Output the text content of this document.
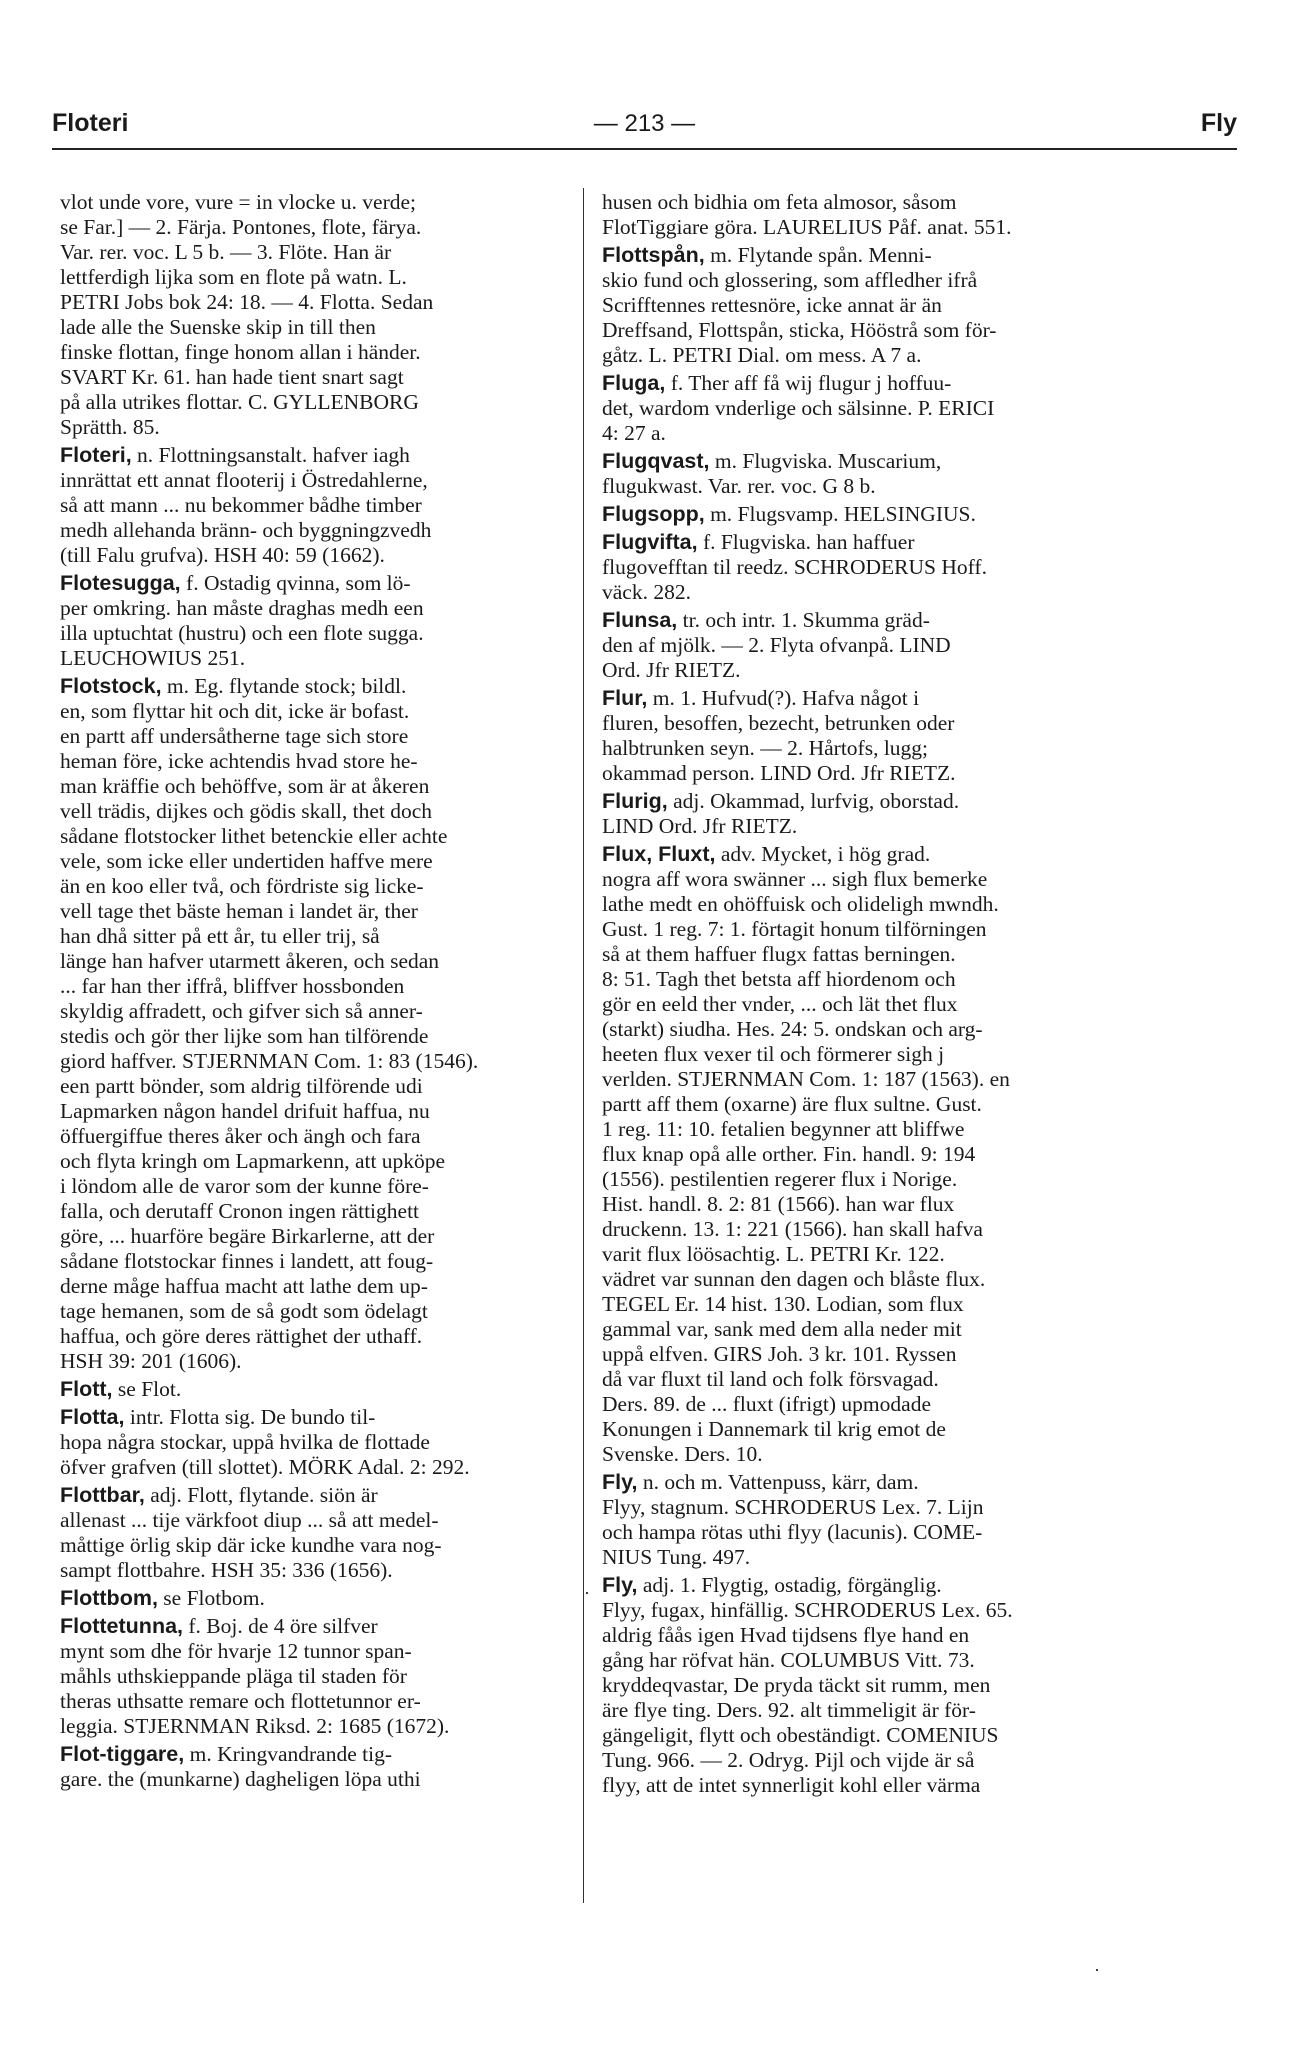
Floteri	— 213 —	Fly
vlot unde vore, vure = in vlocke u. verde;
se Far.] — 2. Färja. Pontones, flote, färya.
Var. rer. voc. L 5 b. — 3. Flöte. Han är
lettferdigh lijka som en flote på watn. L.
PETRI Jobs bok 24: 18. — 4. Flotta. Sedan
lade alle the Suenske skip in till then
finske flottan, finge honom allan i händer.
SVART Kr. 61. han hade tient snart sagt
på alla utrikes flottar. C. GYLLENBORG
Sprätth. 85.
Floteri, n. Flottningsanstalt. hafver iagh
innrättat ett annat flooterij i Östredahlerne,
så att mann ... nu bekommer bådhe timber
medh allehanda bränn- och byggningzvedh
(till Falu grufva). HSH 40: 59 (1662).
Flotesugga, f. Ostadig qvinna, som lö-
per omkring. han måste draghas medh een
illa uptuchtat (hustru) och een flote sugga.
LEUCHOWIUS 251.
Flotstock, m. Eg. flytande stock; bildl.
en, som flyttar hit och dit, icke är bofast.
en partt aff undersåtherne tage sich store
heman före, icke achtendis hvad store he-
man kräffie och behöffve, som är at åkeren
vell trädis, dijkes och gödis skall, thet doch
sådane flotstocker lithet betenckie eller achte
vele, som icke eller undertiden haffve mere
än en koo eller två, och fördriste sig licke-
vell tage thet bäste heman i landet är, ther
han dhå sitter på ett år, tu eller trij, så
länge han hafver utarmett åkeren, och sedan
... far han ther iffrå, bliffver hossbonden
skyldig affradett, och gifver sich så anner-
stedis och gör ther lijke som han tilförende
giord haffver. STJERNMAN Com. 1: 83 (1546).
een partt bönder, som aldrig tilförende udi
Lapmarken någon handel drifuit haffua, nu
öffuergiffue theres åker och ängh och fara
och flyta kringh om Lapmarkenn, att upköpe
i löndom alle de varor som der kunne före-
falla, och derutaff Cronon ingen rättighett
göre, ... huarföre begäre Birkarlerne, att der
sådane flotstockar finnes i landett, att foug-
derne måge haffua macht att lathe dem up-
tage hemanen, som de så godt som ödelagt
haffua, och göre deres rättighet der uthaff.
HSH 39: 201 (1606).
Flott, se Flot.
Flotta, intr. Flotta sig. De bundo til-
hopa några stockar, uppå hvilka de flottade
öfver grafven (till slottet). MÖRK Adal. 2: 292.
Flottbar, adj. Flott, flytande. siön är
allenast ... tije värkfoot diup ... så att medel-
måttige örlig skip där icke kundhe vara nog-
sampt flottbahre. HSH 35: 336 (1656).
Flottbom, se Flotbom.
Flottetunna, f. Boj. de 4 öre silfver
mynt som dhe för hvarje 12 tunnor span-
måhls uthskieppande pläga til staden för
theras uthsatte remare och flottetunnor er-
leggia. STJERNMAN Riksd. 2: 1685 (1672).
Flot-tiggare, m. Kringvandrande tig-
gare. the (munkarne) dagheligen löpa uthi
husen och bidhia om feta almosor, såsom
FlotTiggiare göra. LAURELIUS Påf. anat. 551.
Flottspån, m. Flytande spån. Menni-
skio fund och glossering, som affledher ifrå
Scrifftennes rettesnöre, icke annat är än
Dreffsand, Flottspån, sticka, Hööstrå som för-
gåtz. L. PETRI Dial. om mess. A 7 a.
Fluga, f. Ther aff få wij flugur j hoffuu-
det, wardom vnderlige och sälsinne. P. ERICI
4: 27 a.
Flugqvast, m. Flugviska. Muscarium,
flugukwast. Var. rer. voc. G 8 b.
Flugsopp, m. Flugsvamp. HELSINGIUS.
Flugvifta, f. Flugviska. han haffuer
flugovefftan til reedz. SCHRODERUS Hoff.
väck. 282.
Flunsa, tr. och intr. 1. Skumma gräd-
den af mjölk. — 2. Flyta ofvanpå. LIND
Ord. Jfr RIETZ.
Flur, m. 1. Hufvud(?). Hafva något i
fluren, besoffen, bezecht, betrunken oder
halbtrunken seyn. — 2. Hårtofs, lugg;
okammad person. LIND Ord. Jfr RIETZ.
Flurig, adj. Okammad, lurfvig, oborstad.
LIND Ord. Jfr RIETZ.
Flux, Fluxt, adv. Mycket, i hög grad.
nogra aff wora swänner ... sigh flux bemerke
lathe medt en ohöffuisk och olideligh mwndh.
Gust. 1 reg. 7: 1. förtagit honum tilförningen
så at them haffuer flugx fattas berningen.
8: 51. Tagh thet betsta aff hiordenom och
gör en eeld ther vnder, ... och lät thet flux
(starkt) siudha. Hes. 24: 5. ondskan och arg-
heeten flux vexer til och förmerer sigh j
verlden. STJERNMAN Com. 1: 187 (1563). en
partt aff them (oxarne) äre flux sultne. Gust.
1 reg. 11: 10. fetalien begynner att bliffwe
flux knap opå alle orther. Fin. handl. 9: 194
(1556). pestilentien regerer flux i Norige.
Hist. handl. 8. 2: 81 (1566). han war flux
druckenn. 13. 1: 221 (1566). han skall hafva
varit flux löösachtig. L. PETRI Kr. 122.
vädret var sunnan den dagen och blåste flux.
TEGEL Er. 14 hist. 130. Lodian, som flux
gammal var, sank med dem alla neder mit
uppå elfven. GIRS Joh. 3 kr. 101. Ryssen
då var fluxt til land och folk försvagad.
Ders. 89. de ... fluxt (ifrigt) upmodade
Konungen i Dannemark til krig emot de
Svenske. Ders. 10.
Fly, n. och m. Vattenpuss, kärr, dam.
Flyy, stagnum. SCHRODERUS Lex. 7. Lijn
och hampa rötas uthi flyy (lacunis). COME-
NIUS Tung. 497.
Fly, adj. 1. Flygtig, ostadig, förgänglig.
Flyy, fugax, hinfällig. SCHRODERUS Lex. 65.
aldrig fåås igen Hvad tijdsens flye hand en
gång har röfvat hän. COLUMBUS Vitt. 73.
kryddeqvastar, De pryda täckt sit rumm, men
äre flye ting. Ders. 92. alt timmeligit är för-
gängeligit, flytt och obeständigt. COMENIUS
Tung. 966. — 2. Odryg. Pijl och vijde är så
flyy, att de intet synnerligit kohl eller värma
·
·
